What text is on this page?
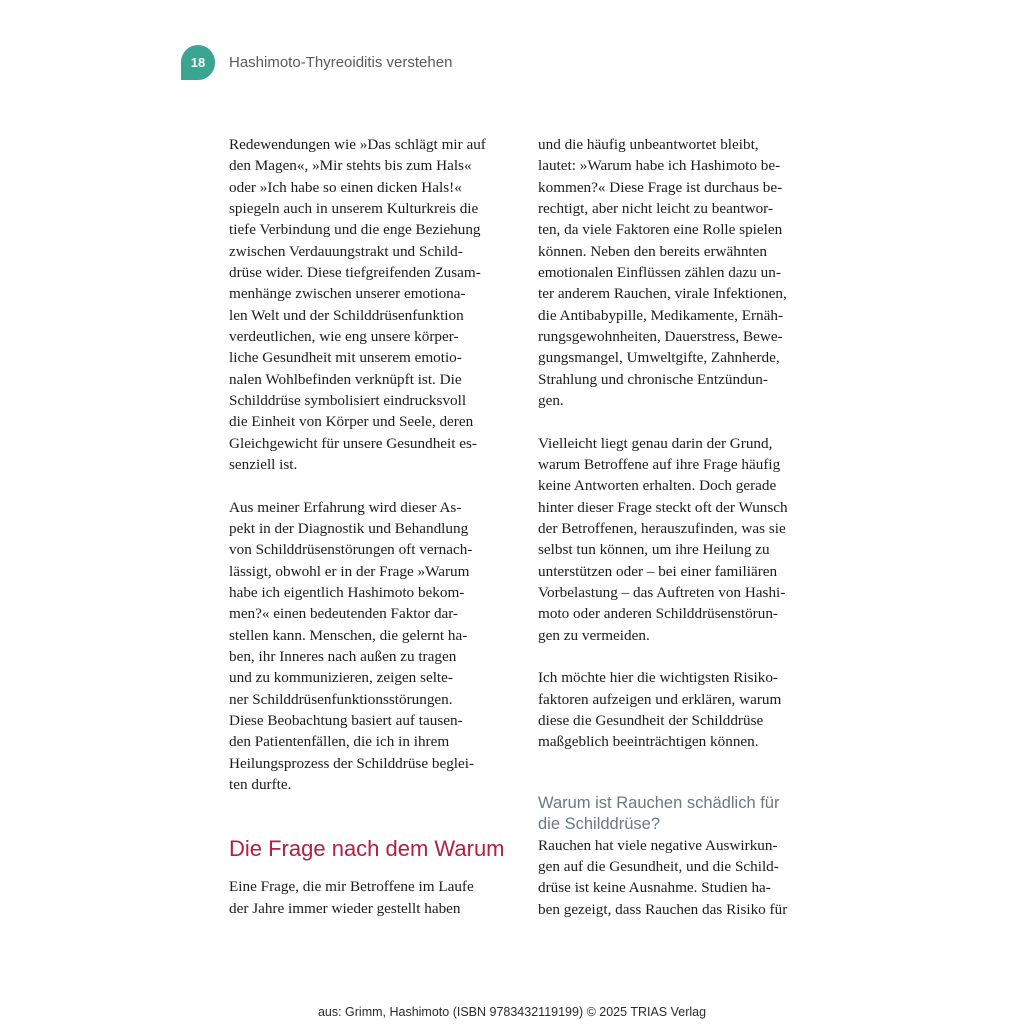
18	Hashimoto-Thyreoiditis verstehen
Redewendungen wie »Das schlägt mir auf
den Magen«, »Mir stehts bis zum Hals«
oder »Ich habe so einen dicken Hals!«
spiegeln auch in unserem Kulturkreis die
tiefe Verbindung und die enge Beziehung
zwischen Verdauungstrakt und Schild-
drüse wider. Diese tiefgreifenden Zusam-
menhänge zwischen unserer emotiona-
len Welt und der Schilddrüsenfunktion
verdeutlichen, wie eng unsere körper-
liche Gesundheit mit unserem emotio-
nalen Wohlbefinden verknüpft ist. Die
Schilddrüse symbolisiert eindrucksvoll
die Einheit von Körper und Seele, deren
Gleichgewicht für unsere Gesundheit es-
senziell ist.
Aus meiner Erfahrung wird dieser As-
pekt in der Diagnostik und Behandlung
von Schilddrüsenstörungen oft vernach-
lässigt, obwohl er in der Frage »Warum
habe ich eigentlich Hashimoto bekom-
men?« einen bedeutenden Faktor dar-
stellen kann. Menschen, die gelernt ha-
ben, ihr Inneres nach außen zu tragen
und zu kommunizieren, zeigen selte-
ner Schilddrüsenfunktionsstörungen.
Diese Beobachtung basiert auf tausen-
den Patientenfällen, die ich in ihrem
Heilungsprozess der Schilddrüse beglei-
ten durfte.
Die Frage nach dem Warum
Eine Frage, die mir Betroffene im Laufe
der Jahre immer wieder gestellt haben
und die häufig unbeantwortet bleibt,
lautet: »Warum habe ich Hashimoto be-
kommen?« Diese Frage ist durchaus be-
rechtigt, aber nicht leicht zu beantwor-
ten, da viele Faktoren eine Rolle spielen
können. Neben den bereits erwähnten
emotionalen Einflüssen zählen dazu un-
ter anderem Rauchen, virale Infektionen,
die Antibabypille, Medikamente, Ernäh-
rungsgewohnheiten, Dauerstress, Bewe-
gungsmangel, Umweltgifte, Zahnherde,
Strahlung und chronische Entzündun-
gen.
Vielleicht liegt genau darin der Grund,
warum Betroffene auf ihre Frage häufig
keine Antworten erhalten. Doch gerade
hinter dieser Frage steckt oft der Wunsch
der Betroffenen, herauszufinden, was sie
selbst tun können, um ihre Heilung zu
unterstützen oder – bei einer familiären
Vorbelastung – das Auftreten von Hashi-
moto oder anderen Schilddrüsenstörun-
gen zu vermeiden.
Ich möchte hier die wichtigsten Risiko-
faktoren aufzeigen und erklären, warum
diese die Gesundheit der Schilddrüse
maßgeblich beeinträchtigen können.
Warum ist Rauchen schädlich für
die Schilddrüse?
Rauchen hat viele negative Auswirkun-
gen auf die Gesundheit, und die Schild-
drüse ist keine Ausnahme. Studien ha-
ben gezeigt, dass Rauchen das Risiko für
aus: Grimm, Hashimoto (ISBN 9783432119199) © 2025 TRIAS Verlag
